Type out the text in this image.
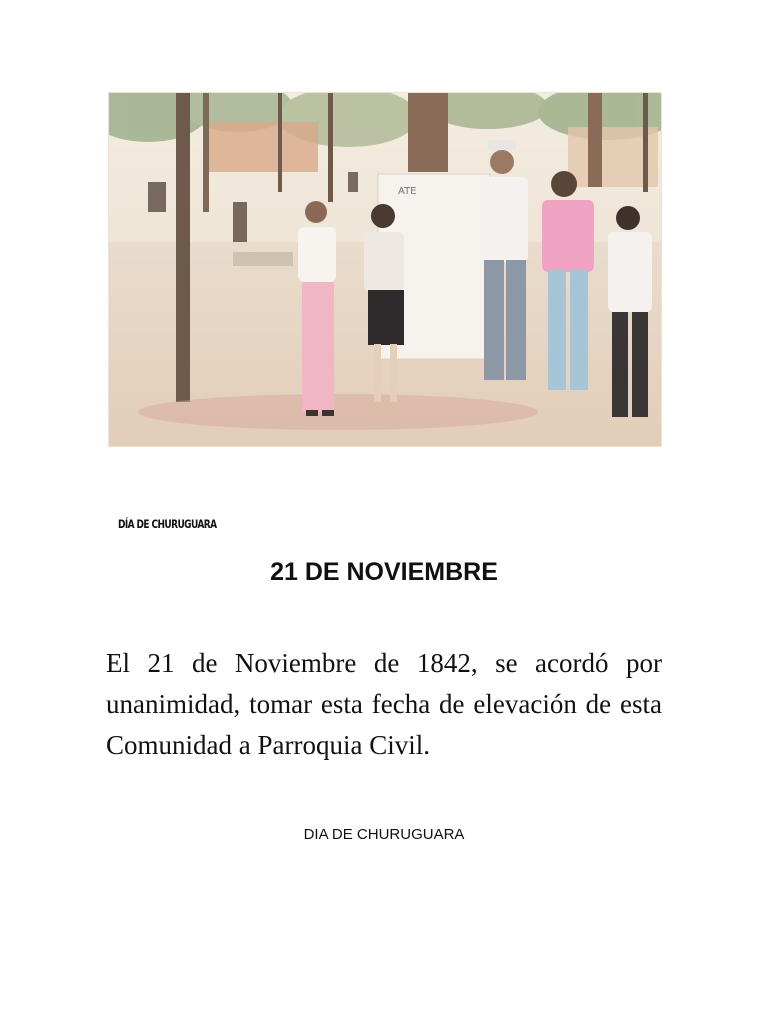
ATE
DÍA DE CHURUGUARA
21 DE NOVIEMBRE
El 21 de Noviembre de 1842, se acordó por unanimidad, tomar esta fecha de elevación de esta Comunidad a Parroquia Civil.
DIA DE CHURUGUARA
